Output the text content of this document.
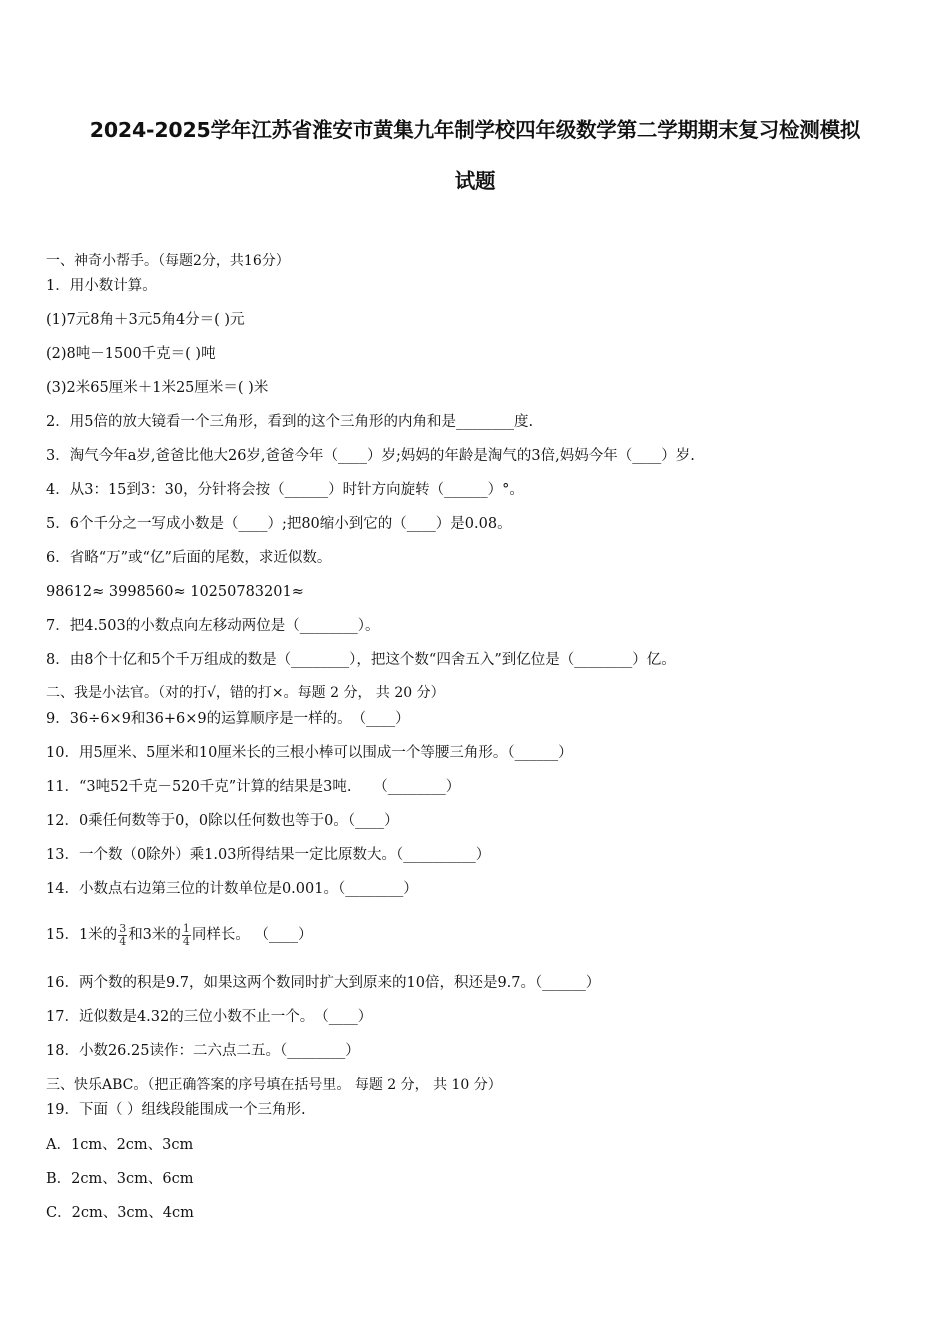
2024-2025学年江苏省淮安市黄集九年制学校四年级数学第二学期期末复习检测模拟
试题
一、神奇小帮手。（每题2分，共16分）
1．用小数计算。
(1)7元8角＋3元5角4分＝( )元
(2)8吨－1500千克＝( )吨
(3)2米65厘米＋1米25厘米＝( )米
2．用5倍的放大镜看一个三角形，看到的这个三角形的内角和是________度.
3．淘气今年a岁,爸爸比他大26岁,爸爸今年（____）岁;妈妈的年龄是淘气的3倍,妈妈今年（____）岁.
4．从3：15到3：30，分针将会按（______）时针方向旋转（______）°。
5．6个千分之一写成小数是（____）;把80缩小到它的（____）是0.08。
6．省略“万”或“亿”后面的尾数，求近似数。
98612≈ 3998560≈ 10250783201≈
7．把4.503的小数点向左移动两位是（________）。
8．由8个十亿和5个千万组成的数是（________），把这个数“四舍五入”到亿位是（________）亿。
二、我是小法官。（对的打√，错的打×。每题 2 分， 共 20 分）
9．36÷6×9和36+6×9的运算顺序是一样的。　（____）
10．用5厘米、5厘米和10厘米长的三根小棒可以围成一个等腰三角形。（______）
11．“3吨52千克－520千克”计算的结果是3吨.　　（________）
12．0乘任何数等于0，0除以任何数也等于0。（____）
13．一个数（0除外）乘1.03所得结果一定比原数大。（__________）
14．小数点右边第三位的计数单位是0.001。（________）
15．1米的 $\frac{3}{4}$ 和3米的 $\frac{1}{4}$ 同样长。 （____）
16．两个数的积是9.7，如果这两个数同时扩大到原来的10倍，积还是9.7。（______）
17．近似数是4.32的三位小数不止一个。　（____）
18．小数26.25读作：二六点二五。（________）
三、快乐ABC。（把正确答案的序号填在括号里。 每题 2 分， 共 10 分）
19．下面（ ）组线段能围成一个三角形.
A．1cm、2cm、3cm
B．2cm、3cm、6cm
C．2cm、3cm、4cm
